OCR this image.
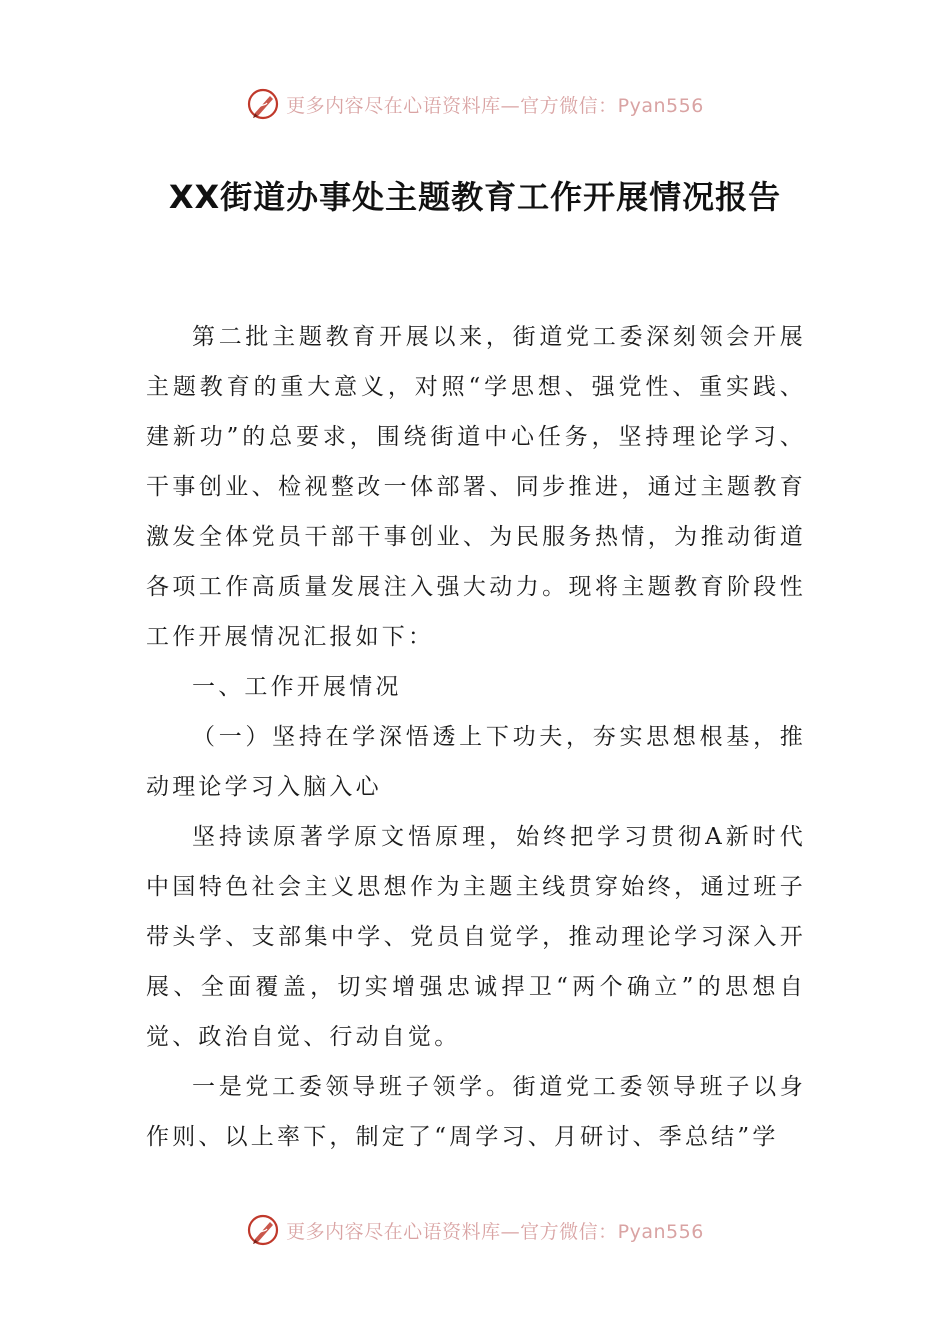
更多内容尽在心语资料库—官方微信：Pyan556
XX街道办事处主题教育工作开展情况报告

第二批主题教育开展以来，街道党工委深刻领会开展主题教育的重大意义，对照“学思想、强党性、重实践、建新功”的总要求，围绕街道中心任务，坚持理论学习、干事创业、检视整改一体部署、同步推进，通过主题教育激发全体党员干部干事创业、为民服务热情，为推动街道各项工作高质量发展注入强大动力。现将主题教育阶段性工作开展情况汇报如下：

一、工作开展情况

（一）坚持在学深悟透上下功夫，夯实思想根基，推动理论学习入脑入心

坚持读原著学原文悟原理，始终把学习贯彻A新时代中国特色社会主义思想作为主题主线贯穿始终，通过班子带头学、支部集中学、党员自觉学，推动理论学习深入开展、全面覆盖，切实增强忠诚捍卫“两个确立”的思想自觉、政治自觉、行动自觉。

一是党工委领导班子领学。街道党工委领导班子以身作则、以上率下，制定了“周学习、月研讨、季总结”学

更多内容尽在心语资料库—官方微信：Pyan556
